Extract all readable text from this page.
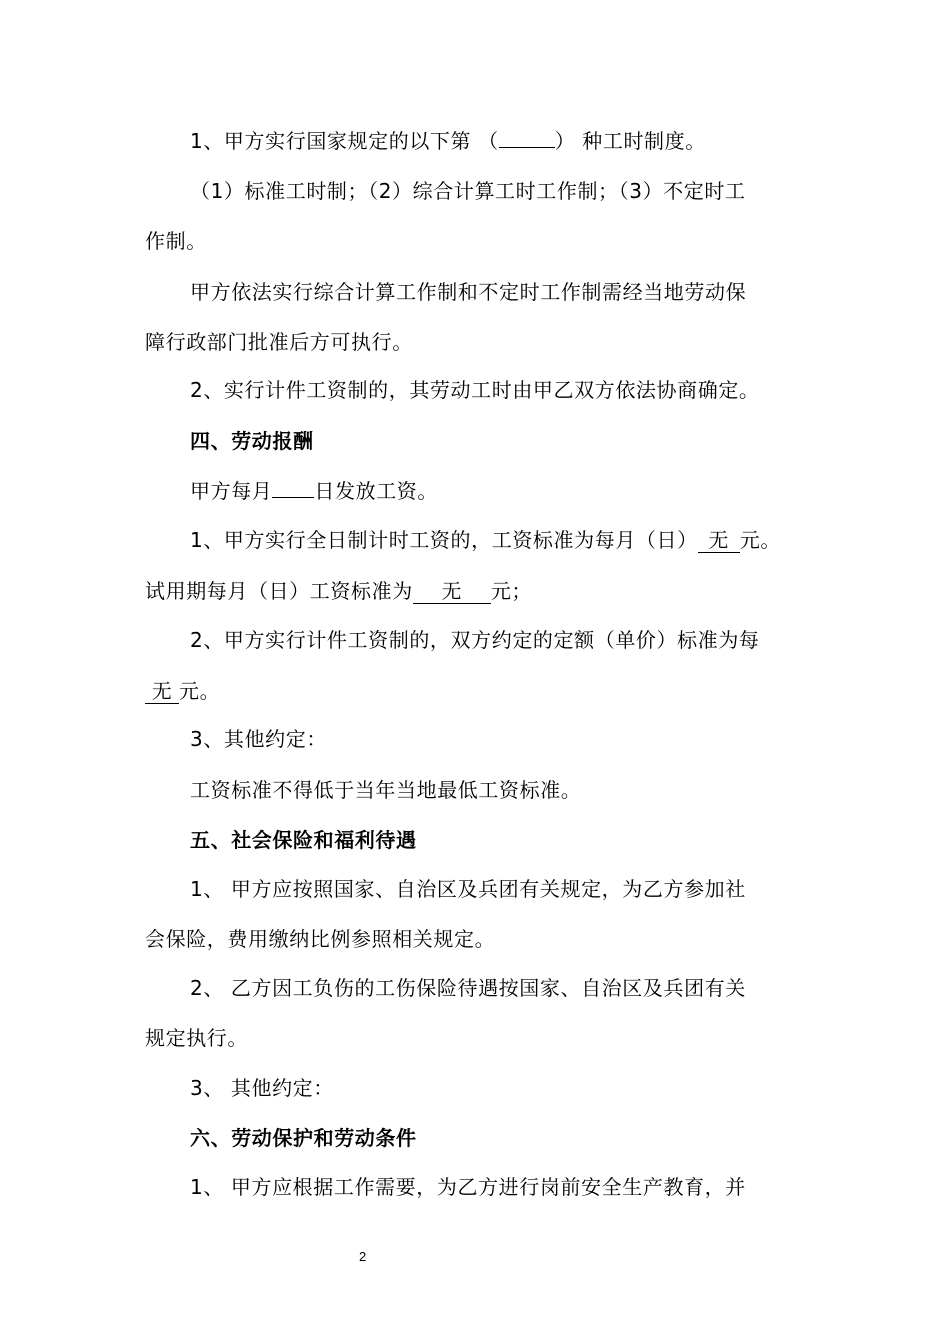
1、甲方实行国家规定的以下第 （	） 种工时制度。
（1）标准工时制；（2）综合计算工时工作制；（3）不定时工
作制。
甲方依法实行综合计算工作制和不定时工作制需经当地劳动保
障行政部门批准后方可执行。
2、实行计件工资制的，其劳动工时由甲乙双方依法协商确定。
四、劳动报酬
甲方每月 日发放工资。
1、甲方实行全日制计时工资的，工资标准为每月（日） 无 元。
试用期每月（日）工资标准为 无 元；
2、甲方实行计件工资制的，双方约定的定额（单价）标准为每
无 元。
3、其他约定：
工资标准不得低于当年当地最低工资标准。
五、社会保险和福利待遇
1、 甲方应按照国家、自治区及兵团有关规定，为乙方参加社
会保险，费用缴纳比例参照相关规定。
2、 乙方因工负伤的工伤保险待遇按国家、自治区及兵团有关
规定执行。
3、 其他约定：
六、劳动保护和劳动条件
1、 甲方应根据工作需要，为乙方进行岗前安全生产教育，并
2
